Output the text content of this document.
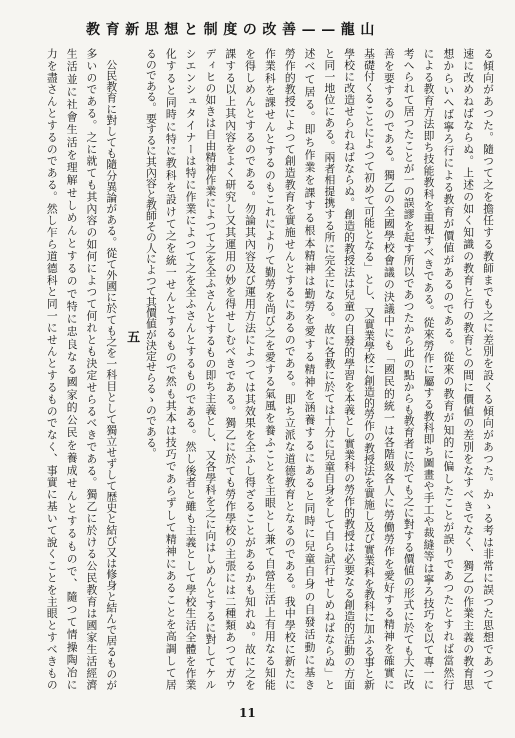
教育新思想と制度の改善——龍山

る傾向があつた。隨つて之を擔任する教師までも之に差別を設くる傾向があつた。かゝる考は非常に誤つた思想であつて

速に改めねばならぬ。上述の如く知識の教育と行の教育との間に價値の差別をなすべきでなく、獨乙の作業主義の教育思

想からいへば寧ろ行による教育が價値があるのである。從來の教育が知的に偏したことが誤りであつたとすれば當然行

による教育方法即ち技能教科を重視すべきである。從來勞作に屬する教科即ち圖畫や手工や裁縫等は寧ろ技巧を以て專一に

考へられて居つたことが一の誤謬を起す所以であつたから此の點からも教育者に於ても之に對する價値の形式に於ても大に改

善を要するのである。獨乙の全國學校會議の決議中にも「國民的統一は各階級各人に勞働勞作を愛好する精神を確實に

基礎付くることによつて初めて可能となる」とし、又實業學校に創造的勞作の教授法を實施し及び實業科を教科に加ふる事と新

學校に改造せられねばならぬ。創造的教授法は兒童の自發的學習を本義とし實業科の勞作的教授は必要なる創造的活動の方面

と同一地位にある。兩者相提携する所に完全になる。故に各教に於ては十分に兒童自身をして自ら試行せしめねばならぬ」と

述べて居る。即ち作業を課する根本精神は勤勞を愛する精神を涵養するにあると同時に兒童自身の自發活動に基き

勞作的教授によつて創造教育を實施せんとするにあるのである。即ち立派な道德教育となるのである。我中學校に新たに

作業科を課せんとするのもこれによりて勤勞を尚び之を愛する氣風を養ふことを主眼とし兼て自營生活上有用なる知能

を得しめんとするのである。勿論其內容及び運用方法によつては其效果を全ふし得ざることがあるかも知れぬ。故に之を

課する以上其內容をよく研究し又其運用の妙を得せしむべきである。獨乙に於ても勞作學校の主張には二種類あつてガウ

ディヒの如きは自由精神作業によつて之を全ふさんとするもの即ち主義とし、又各學科を之に向はしめんとするに對してケル

シエンシュタイナーは特に作業によつて之を全ふさんとするものである。然し後者と雖も主義として學校生活全體を作業

化すると同時に特に教科を設けて之を統一せんとするもので然も其本は技巧であらずして精神にあることを高調して居

るのである。要するに其內容と教師その人によつて其價値が決定せらるゝのである。

五

公民教育に對しても隨分異論がある。從て外國に於ても之を一科目として獨立せずして歴史と結び又は修身と結んで居るものが

多いのである。之に就ても其內容の如何によつて何れとも決定せらるべきである。獨乙に於ける公民教育は國家生活經濟

生活並に社會生活を理解せしめんとするので特に忠良なる國家的公民を養成せんとするもので、隨つて情操陶冶に

力を盡さんとするのである。然し乍ら道德科と同一にせんとするものでなく、事實に基いて說くことを主眼とすべきもの

11
